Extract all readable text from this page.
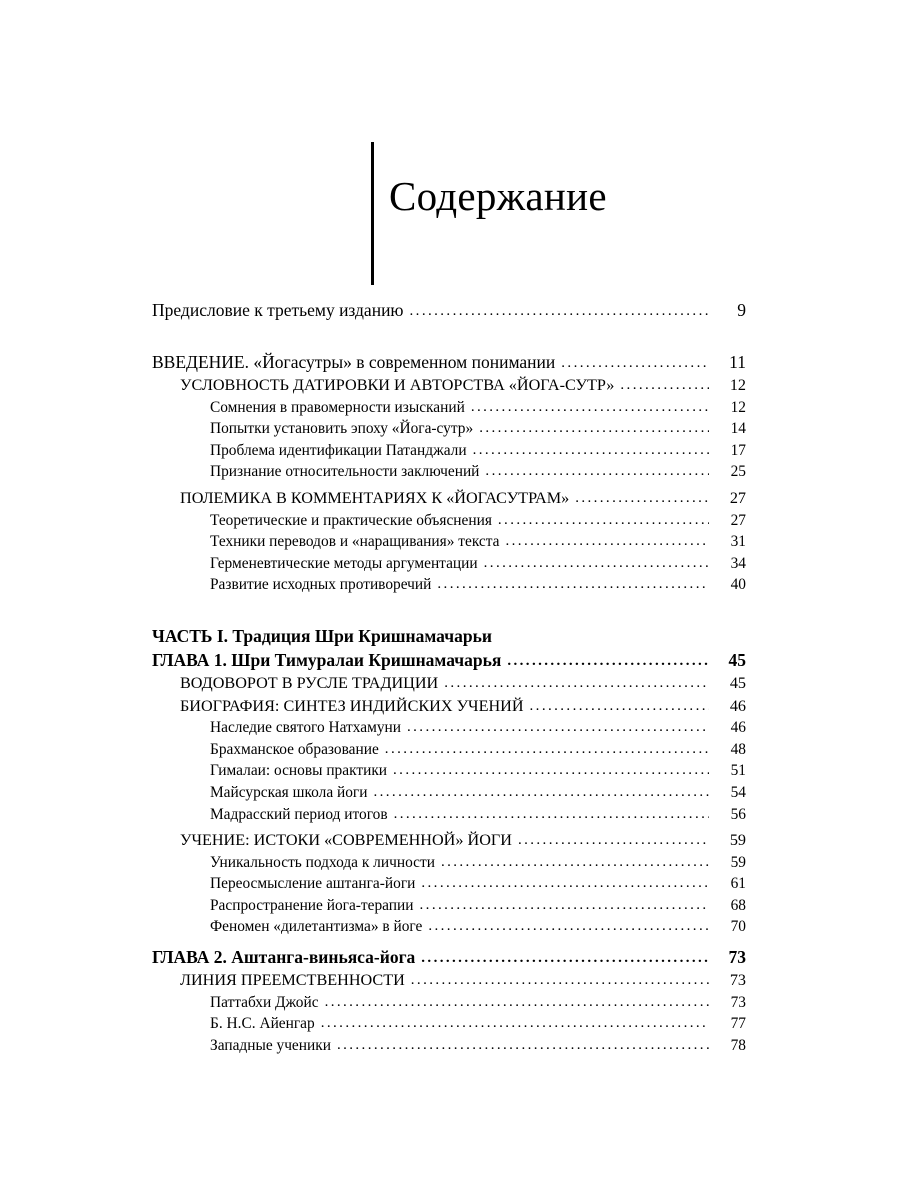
Содержание
Предисловие к третьему изданию .....	9
ВВЕДЕНИЕ. «Йогасутры» в современном понимании .....	11
УСЛОВНОСТЬ ДАТИРОВКИ И АВТОРСТВА «ЙОГА-СУТР» .....	12
Сомнения в правомерности изысканий .....	12
Попытки установить эпоху «Йога-сутр» .....	14
Проблема идентификации Патанджали .....	17
Признание относительности заключений .....	25
ПОЛЕМИКА В КОММЕНТАРИЯХ К «ЙОГАСУТРАМ» .....	27
Теоретические и практические объяснения .....	27
Техники переводов и «наращивания» текста .....	31
Герменевтические методы аргументации .....	34
Развитие исходных противоречий .....	40
ЧАСТЬ I. Традиция Шри Кришнамачарьи
ГЛАВА 1. Шри Тимуралаи Кришнамачарья .....	45
ВОДОВОРОТ В РУСЛЕ ТРАДИЦИИ .....	45
БИОГРАФИЯ: СИНТЕЗ ИНДИЙСКИХ УЧЕНИЙ .....	46
Наследие святого Натхамуни .....	46
Брахманское образование .....	48
Гималаи: основы практики .....	51
Майсурская школа йоги .....	54
Мадрасский период итогов .....	56
УЧЕНИЕ: ИСТОКИ «СОВРЕМЕННОЙ» ЙОГИ .....	59
Уникальность подхода к личности .....	59
Переосмысление аштанга-йоги .....	61
Распространение йога-терапии .....	68
Феномен «дилетантизма» в йоге .....	70
ГЛАВА 2. Аштанга-виньяса-йога .....	73
ЛИНИЯ ПРЕЕМСТВЕННОСТИ .....	73
Паттабхи Джойс .....	73
Б. Н.С. Айенгар .....	77
Западные ученики .....	78
